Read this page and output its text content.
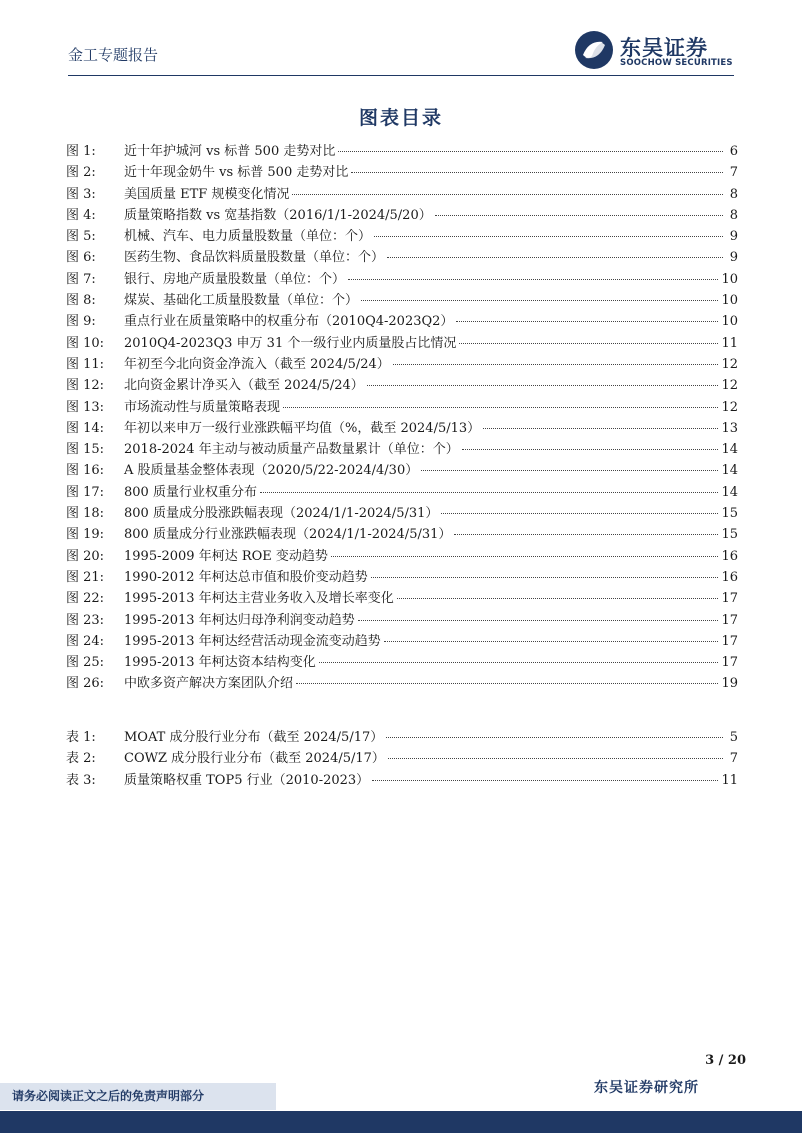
金工专题报告	东吴证券
SOOCHOW SECURITIES
图表目录
图 1:	近十年护城河 vs 标普 500 走势对比	6
图 2:	近十年现金奶牛 vs 标普 500 走势对比	7
图 3:	美国质量 ETF 规模变化情况	8
图 4:	质量策略指数 vs 宽基指数（2016/1/1-2024/5/20）	8
图 5:	机械、汽车、电力质量股数量（单位：个）	9
图 6:	医药生物、食品饮料质量股数量（单位：个）	9
图 7:	银行、房地产质量股数量（单位：个）	10
图 8:	煤炭、基础化工质量股数量（单位：个）	10
图 9:	重点行业在质量策略中的权重分布（2010Q4-2023Q2）	10
图 10:	2010Q4-2023Q3 申万 31 个一级行业内质量股占比情况	11
图 11:	年初至今北向资金净流入（截至 2024/5/24）	12
图 12:	北向资金累计净买入（截至 2024/5/24）	12
图 13:	市场流动性与质量策略表现	12
图 14:	年初以来申万一级行业涨跌幅平均值（%，截至 2024/5/13）	13
图 15:	2018-2024 年主动与被动质量产品数量累计（单位：个）	14
图 16:	A 股质量基金整体表现（2020/5/22-2024/4/30）	14
图 17:	800 质量行业权重分布	14
图 18:	800 质量成分股涨跌幅表现（2024/1/1-2024/5/31）	15
图 19:	800 质量成分行业涨跌幅表现（2024/1/1-2024/5/31）	15
图 20:	1995-2009 年柯达 ROE 变动趋势	16
图 21:	1990-2012 年柯达总市值和股价变动趋势	16
图 22:	1995-2013 年柯达主营业务收入及增长率变化	17
图 23:	1995-2013 年柯达归母净利润变动趋势	17
图 24:	1995-2013 年柯达经营活动现金流变动趋势	17
图 25:	1995-2013 年柯达资本结构变化	17
图 26:	中欧多资产解决方案团队介绍	19
表 1:	MOAT 成分股行业分布（截至 2024/5/17）	5
表 2:	COWZ 成分股行业分布（截至 2024/5/17）	7
表 3:	质量策略权重 TOP5 行业（2010-2023）	11
3 / 20
东吴证券研究所
请务必阅读正文之后的免责声明部分
